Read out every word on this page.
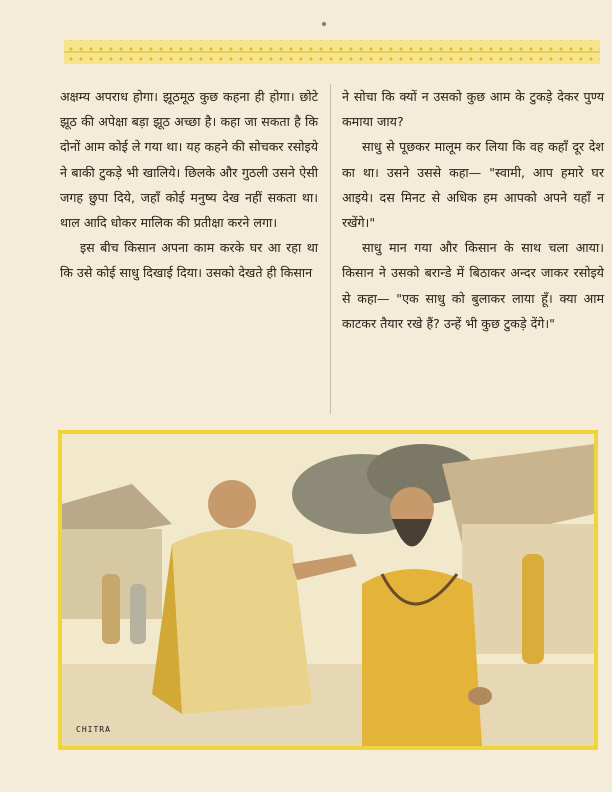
अक्षम्य अपराध होगा। झूठमूठ कुछ कहना ही होगा। छोटे झूठ की अपेक्षा बड़ा झूठ अच्छा है। कहा जा सकता है कि दोनों आम कोई ले गया था। यह कहने की सोचकर रसोइये ने बाकी टुकड़े भी खालिये। छिलके और गुठली उसने ऐसी जगह छुपा दिये, जहाँ कोई मनुष्य देख नहीं सकता था। थाल आदि धोकर मालिक की प्रतीक्षा करने लगा।

इस बीच किसान अपना काम करके घर आ रहा था कि उसे कोई साधु दिखाई दिया। उसको देखते ही किसान

ने सोचा कि क्यों न उसको कुछ आम के टुकड़े देकर पुण्य कमाया जाय?

साधु से पूछकर मालूम कर लिया कि वह कहाँ दूर देश का था। उसने उससे कहा— "स्वामी, आप हमारे घर आइये। दस मिनट से अधिक हम आपको अपने यहाँ न रखेंगे।"

साधु मान गया और किसान के साथ चला आया। किसान ने उसको बरान्डे में बिठाकर अन्दर जाकर रसोइये से कहा— "एक साधु को बुलाकर लाया हूँ। क्या आम काटकर तैयार रखे हैं? उन्हें भी कुछ टुकड़े देंगे।"

CHITRA
